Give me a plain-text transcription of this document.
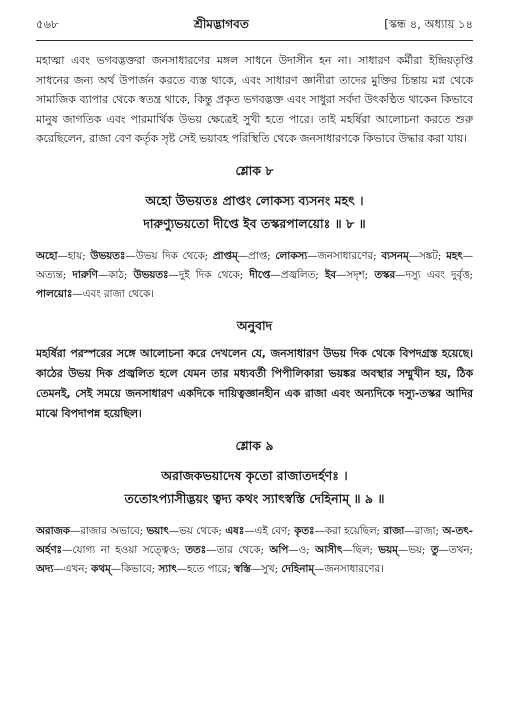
৫৬৮	শ্রীমদ্ভাগবত	[স্কন্ধ ৪, অধ্যায় ১৪

মহাত্মা এবং ভগবদ্ভক্তরা জনসাধারণের মঙ্গল সাধনে উদাসীন হন না। সাধারণ কর্মীরা ইন্দ্রিয়তৃপ্তি সাধনের জন্য অর্থ উপার্জন করতে ব্যস্ত থাকে, এবং সাধারণ জ্ঞানীরা তাদের মুক্তির চিন্তায় মগ্ন থেকে সামাজিক ব্যাপার থেকে স্বতন্ত্র থাকে, কিন্তু প্রকৃত ভগবদ্ভক্ত এবং সাধুরা সর্বদা উৎকণ্ঠিত থাকেন কিভাবে মানুষ জাগতিক এবং পারমার্থিক উভয় ক্ষেত্রেই সুখী হতে পারে। তাই মহর্ষিরা আলোচনা করতে শুরু করেছিলেন, রাজা বেণ কর্তৃক সৃষ্ট সেই ভয়াবহ পরিস্থিতি থেকে জনসাধারণকে কিভাবে উদ্ধার করা যায়।

শ্লোক ৮
অহো উভয়তঃ প্রাপ্তং লোকস্য ব্যসনং মহৎ ।
দারুণ্যুভয়তো দীপ্তে ইব তস্করপালয়োঃ ॥ ৮ ॥

অহো—হায়; উভয়তঃ—উভয় দিক থেকে; প্রাপ্তম্—প্রাপ্ত; লোকস্য—জনসাধারণের; ব্যসনম্—সঙ্কট; মহৎ—অত্যন্ত; দারুণি—কাঠ; উভয়তঃ—দুই দিক থেকে; দীপ্তে—প্রজ্বলিত; ইব—সদৃশ; তস্কর—দস্যু এবং দুর্বৃত্ত; পালয়োঃ—এবং রাজা থেকে।

অনুবাদ

মহর্ষিরা পরস্পরের সঙ্গে আলোচনা করে দেখলেন যে, জনসাধারণ উভয় দিক থেকে বিপদগ্রস্ত হয়েছে। কাঠের উভয় দিক প্রজ্বলিত হলে যেমন তার মধ্যবর্তী পিপীলিকারা ভয়ঙ্কর অবস্থার সম্মুখীন হয়, ঠিক তেমনই, সেই সময়ে জনসাধারণ একদিকে দায়িত্বজ্ঞানহীন এক রাজা এবং অন্যদিকে দস্যু-তস্কর আদির মাঝে বিপদাপন্ন হয়েছিল।

শ্লোক ৯
অরাজকভয়াদেষ কৃতো রাজাতদর্হণঃ ।
ততোঽপ্যাসীদ্ভয়ং ত্বদ্য কথং স্যাৎস্বস্তি দেহিনাম্ ॥ ৯ ॥

অরাজক—রাজার অভাবে; ভয়াৎ—ভয় থেকে; এষঃ—এই বেণ; কৃতঃ—করা হয়েছিল; রাজা—রাজা; অ-তৎ-অর্হণঃ—যোগ্য না হওয়া সত্ত্বেও; ততঃ—তার থেকে; অপি—ও; আসীৎ—ছিল; ভয়ম্—ভয়; তু—তখন; অদ্য—এখন; কথম্—কিভাবে; স্যাৎ—হতে পারে; স্বস্তি—সুখ; দেহিনাম্—জনসাধারণের।
